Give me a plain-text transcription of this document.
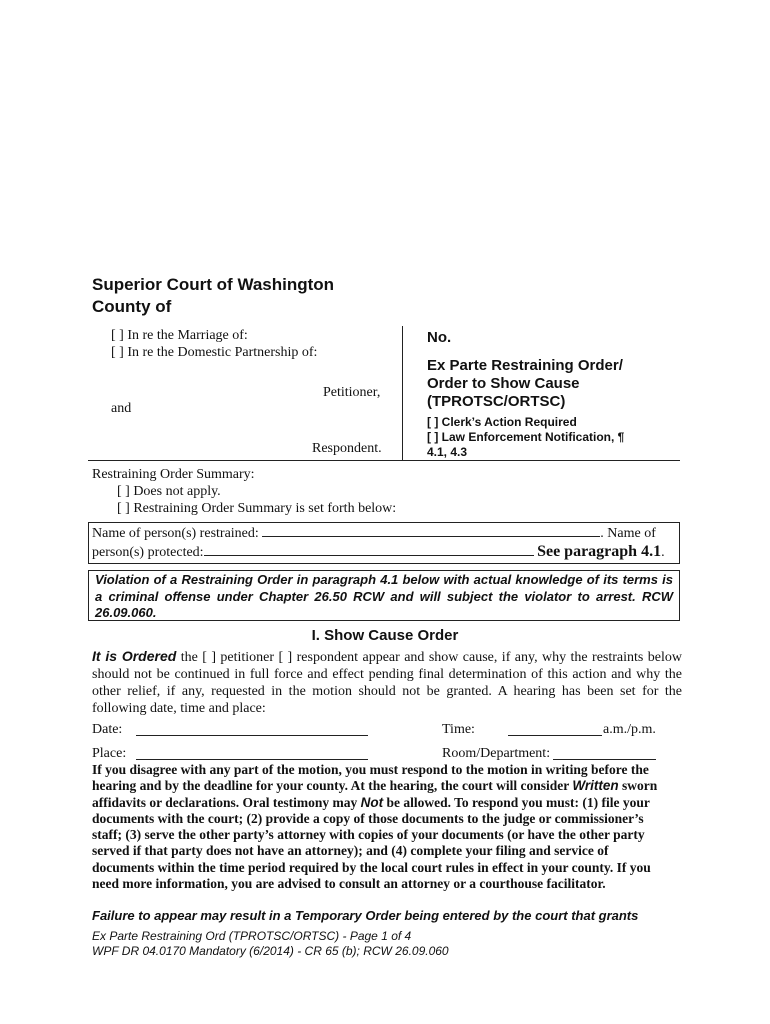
Superior Court of Washington
County of
[ ] In re the Marriage of:
[ ] In re the Domestic Partnership of:
Petitioner,
and
Respondent.
No.
Ex Parte Restraining Order/
Order to Show Cause
(TPROTSC/ORTSC)
[ ] Clerk’s Action Required
[ ] Law Enforcement Notification, ¶
4.1, 4.3
Restraining Order Summary:
[ ] Does not apply.
[ ] Restraining Order Summary is set forth below:
Name of person(s) restrained:	. Name of
person(s) protected:	See paragraph 4.1.
Violation of a Restraining Order in paragraph 4.1 below with actual knowledge of its terms is a criminal offense under Chapter 26.50 RCW and will subject the violator to arrest. RCW 26.09.060.
I. Show Cause Order
It is Ordered the [ ] petitioner [ ] respondent appear and show cause, if any, why the restraints below should not be continued in full force and effect pending final determination of this action and why the other relief, if any, requested in the motion should not be granted. A hearing has been set for the following date, time and place:
Date:	Time:	a.m./p.m.
Place:	Room/Department:
If you disagree with any part of the motion, you must respond to the motion in writing before the hearing and by the deadline for your county. At the hearing, the court will consider Written sworn affidavits or declarations. Oral testimony may Not be allowed. To respond you must: (1) file your documents with the court; (2) provide a copy of those documents to the judge or commissioner’s staff; (3) serve the other party’s attorney with copies of your documents (or have the other party served if that party does not have an attorney); and (4) complete your filing and service of documents within the time period required by the local court rules in effect in your county. If you need more information, you are advised to consult an attorney or a courthouse facilitator.
Failure to appear may result in a Temporary Order being entered by the court that grants
Ex Parte Restraining Ord (TPROTSC/ORTSC) - Page 1 of 4
WPF DR 04.0170 Mandatory (6/2014) - CR 65 (b); RCW 26.09.060
